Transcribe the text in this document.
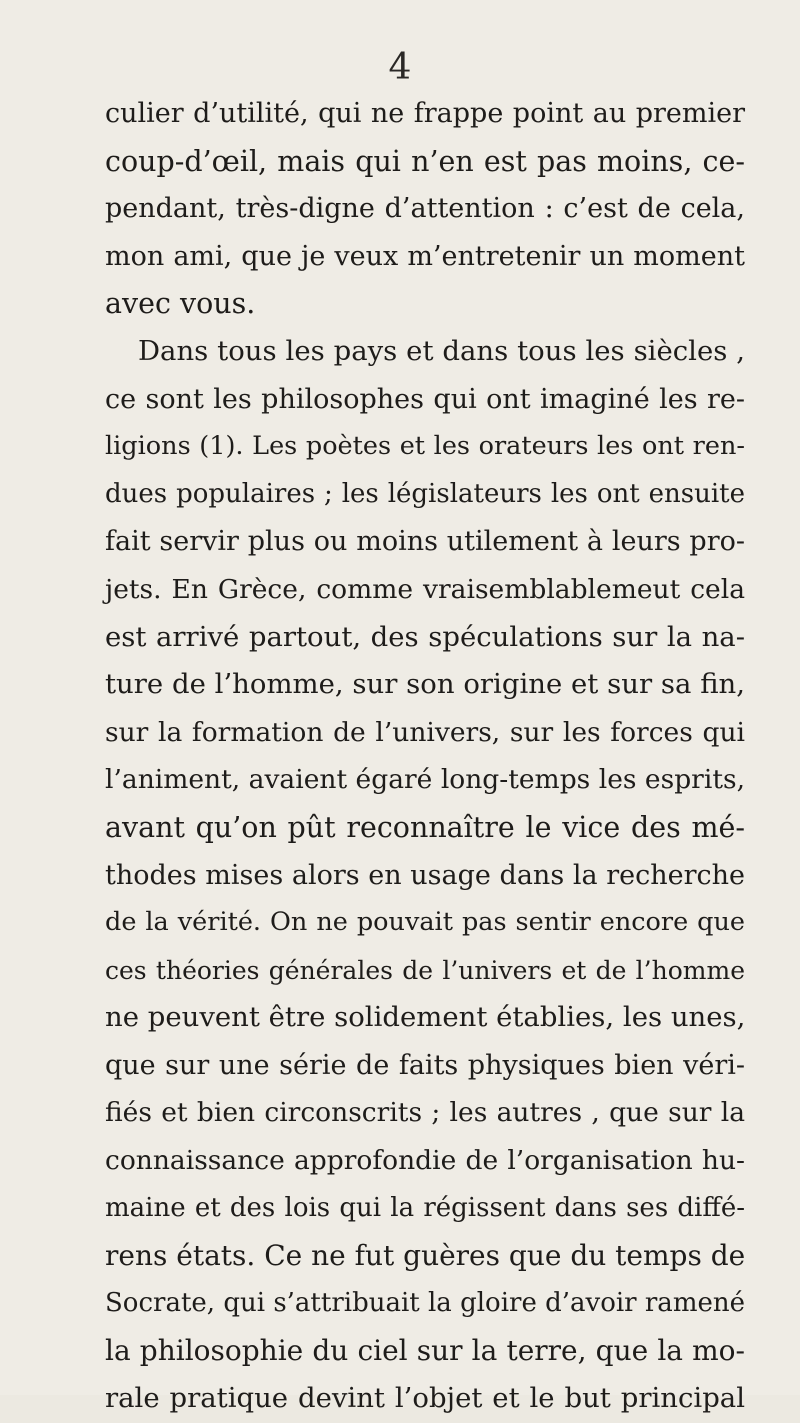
4
culier d’utilité, qui ne frappe point au premier
coup-d’œil, mais qui n’en est pas moins, ce-
pendant, très-digne d’attention : c’est de cela,
mon ami, que je veux m’entretenir un moment
avec vous.
Dans tous les pays et dans tous les siècles ,
ce sont les philosophes qui ont imaginé les re-
ligions (1). Les poètes et les orateurs les ont ren-
dues populaires ; les législateurs les ont ensuite
fait servir plus ou moins utilement à leurs pro-
jets. En Grèce, comme vraisemblablemeut cela
est arrivé partout, des spéculations sur la na-
ture de l’homme, sur son origine et sur sa fin,
sur la formation de l’univers, sur les forces qui
l’animent, avaient égaré long-temps les esprits,
avant qu’on pût reconnaître le vice des mé-
thodes mises alors en usage dans la recherche
de la vérité. On ne pouvait pas sentir encore que
ces théories générales de l’univers et de l’homme
ne peuvent être solidement établies, les unes,
que sur une série de faits physiques bien véri-
fiés et bien circonscrits ; les autres , que sur la
connaissance approfondie de l’organisation hu-
maine et des lois qui la régissent dans ses diffé-
rens états. Ce ne fut guères que du temps de
Socrate, qui s’attribuait la gloire d’avoir ramené
la philosophie du ciel sur la terre, que la mo-
rale pratique devint l’objet et le but principal
